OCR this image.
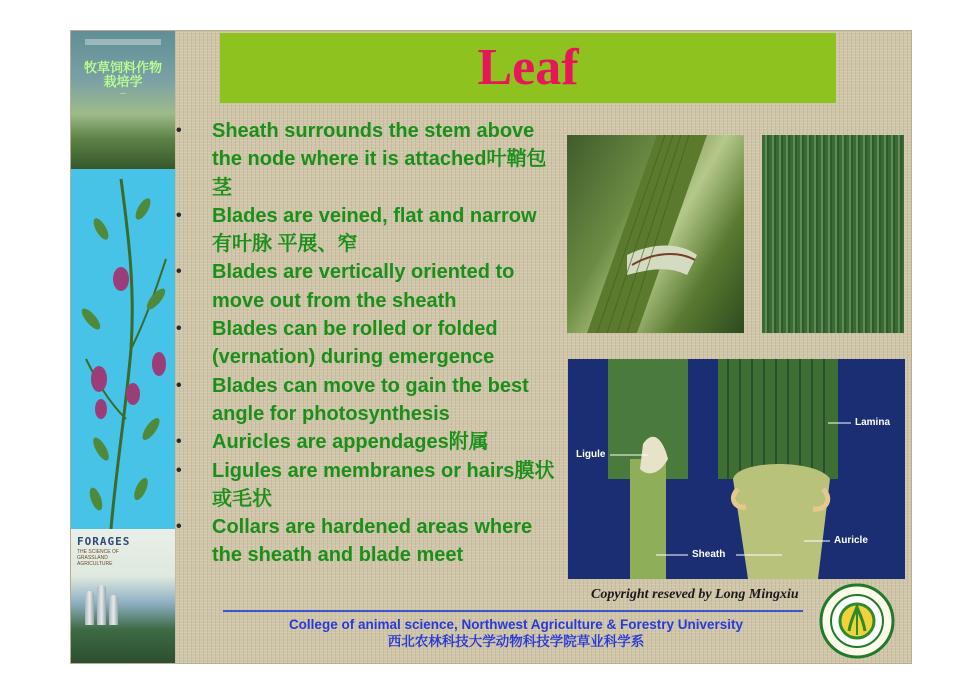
牧草饲料作物栽培学
—
FORAGES
THE SCIENCE OF GRASSLAND AGRICULTURE
Leaf
• Sheath surrounds the stem above the node where it is attached叶鞘包茎
• Blades are veined, flat and narrow 有叶脉 平展、窄
• Blades are vertically oriented to move out from the sheath
• Blades can be rolled or folded (vernation) during emergence
• Blades can move to gain the best angle for photosynthesis
• Auricles are appendages附属
• Ligules are membranes or hairs膜状或毛状
• Collars are hardened areas where the sheath and blade meet
Lamina
Ligule
Auricle
Sheath
Copyright reseved by Long Mingxiu
College of animal science, Northwest Agriculture & Forestry University
西北农林科技大学动物科技学院草业科学系
